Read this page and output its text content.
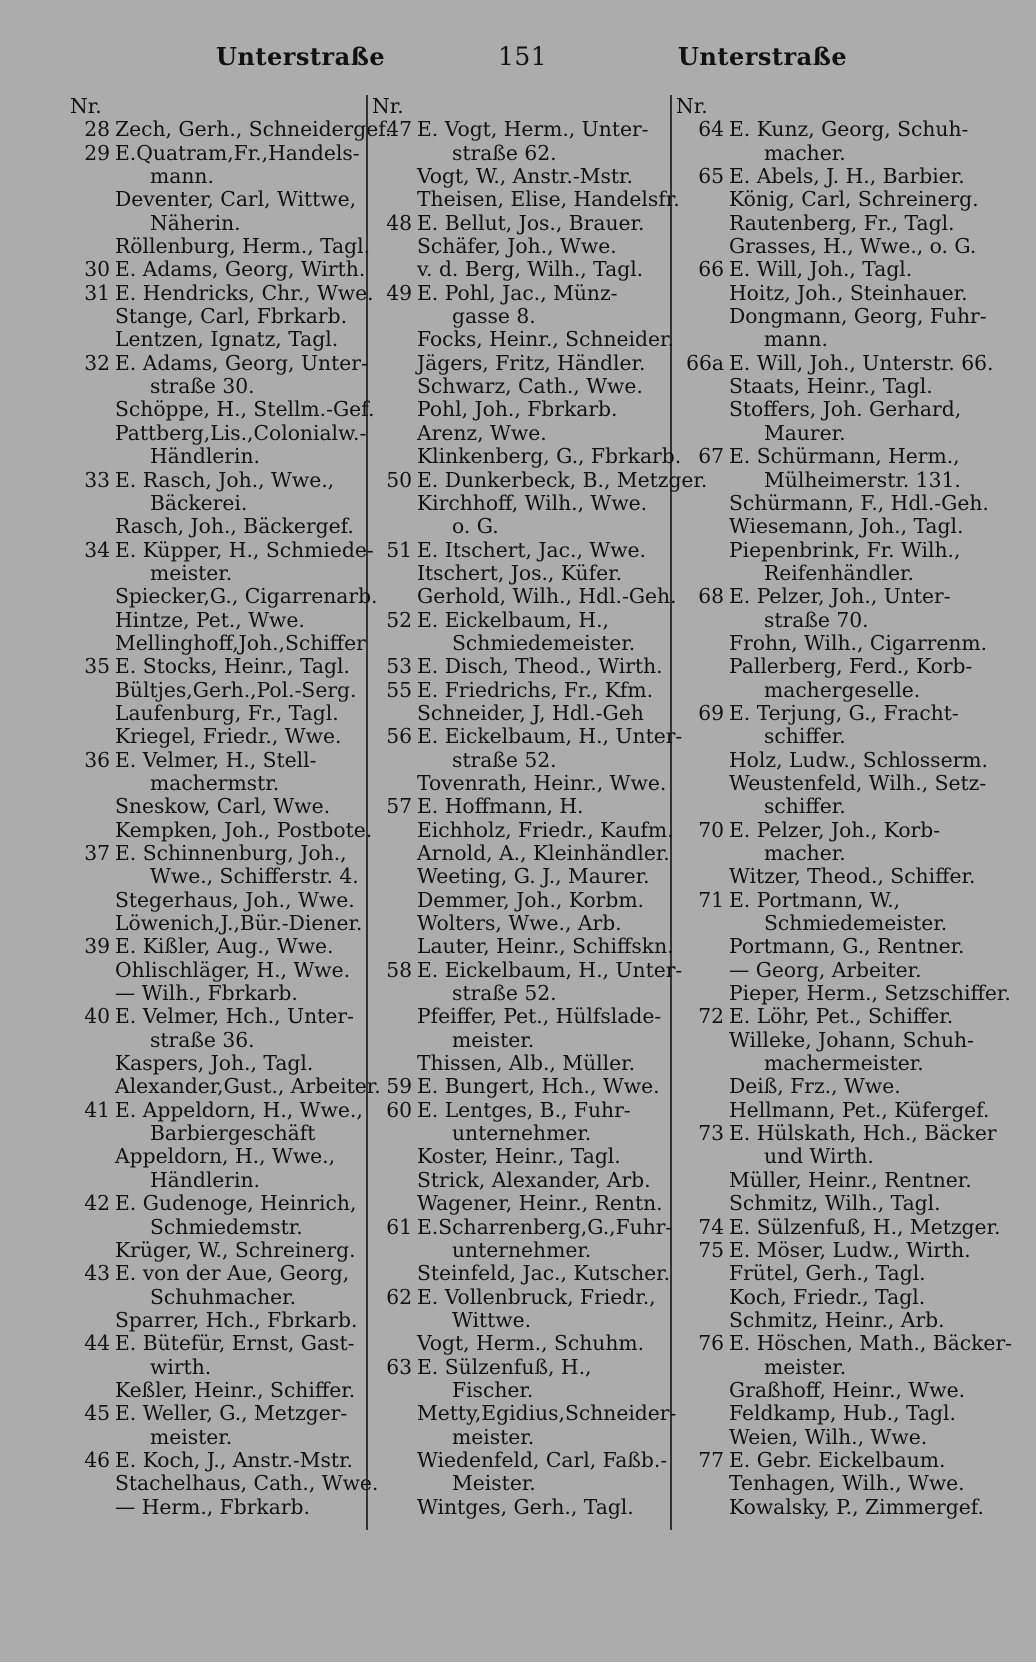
Unterstraße	151	Unterstraße
Nr.
28 Zech, Gerh., Schneidergef.
29 E.Quatram,Fr.,Handels-
mann.
Deventer, Carl, Wittwe,
Näherin.
Röllenburg, Herm., Tagl.
30 E. Adams, Georg, Wirth.
31 E. Hendricks, Chr., Wwe.
Stange, Carl, Fbrkarb.
Lentzen, Ignatz, Tagl.
32 E. Adams, Georg, Unter-
straße 30.
Schöppe, H., Stellm.-Gef.
Pattberg,Lis.,Colonialw.-
Händlerin.
33 E. Rasch, Joh., Wwe.,
Bäckerei.
Rasch, Joh., Bäckergef.
34 E. Küpper, H., Schmiede-
meister.
Spiecker,G., Cigarrenarb.
Hintze, Pet., Wwe.
Mellinghoff,Joh.,Schiffer
35 E. Stocks, Heinr., Tagl.
Bültjes,Gerh.,Pol.-Serg.
Laufenburg, Fr., Tagl.
Kriegel, Friedr., Wwe.
36 E. Velmer, H., Stell-
machermstr.
Sneskow, Carl, Wwe.
Kempken, Joh., Postbote.
37 E. Schinnenburg, Joh.,
Wwe., Schifferstr. 4.
Stegerhaus, Joh., Wwe.
Löwenich,J.,Bür.-Diener.
39 E. Kißler, Aug., Wwe.
Ohlischläger, H., Wwe.
— Wilh., Fbrkarb.
40 E. Velmer, Hch., Unter-
straße 36.
Kaspers, Joh., Tagl.
Alexander,Gust., Arbeiter.
41 E. Appeldorn, H., Wwe.,
Barbiergeschäft
Appeldorn, H., Wwe.,
Händlerin.
42 E. Gudenoge, Heinrich,
Schmiedemstr.
Krüger, W., Schreinerg.
43 E. von der Aue, Georg,
Schuhmacher.
Sparrer, Hch., Fbrkarb.
44 E. Bütefür, Ernst, Gast-
wirth.
Keßler, Heinr., Schiffer.
45 E. Weller, G., Metzger-
meister.
46 E. Koch, J., Anstr.-Mstr.
Stachelhaus, Cath., Wwe.
— Herm., Fbrkarb.
Nr.
47 E. Vogt, Herm., Unter-
straße 62.
Vogt, W., Anstr.-Mstr.
Theisen, Elise, Handelsfr.
48 E. Bellut, Jos., Brauer.
Schäfer, Joh., Wwe.
v. d. Berg, Wilh., Tagl.
49 E. Pohl, Jac., Münz-
gasse 8.
Focks, Heinr., Schneider.
Jägers, Fritz, Händler.
Schwarz, Cath., Wwe.
Pohl, Joh., Fbrkarb.
Arenz, Wwe.
Klinkenberg, G., Fbrkarb.
50 E. Dunkerbeck, B., Metzger.
Kirchhoff, Wilh., Wwe.
o. G.
51 E. Itschert, Jac., Wwe.
Itschert, Jos., Küfer.
Gerhold, Wilh., Hdl.-Geh.
52 E. Eickelbaum, H.,
Schmiedemeister.
53 E. Disch, Theod., Wirth.
55 E. Friedrichs, Fr., Kfm.
Schneider, J, Hdl.-Geh
56 E. Eickelbaum, H., Unter-
straße 52.
Tovenrath, Heinr., Wwe.
57 E. Hoffmann, H.
Eichholz, Friedr., Kaufm.
Arnold, A., Kleinhändler.
Weeting, G. J., Maurer.
Demmer, Joh., Korbm.
Wolters, Wwe., Arb.
Lauter, Heinr., Schiffskn.
58 E. Eickelbaum, H., Unter-
straße 52.
Pfeiffer, Pet., Hülfslade-
meister.
Thissen, Alb., Müller.
59 E. Bungert, Hch., Wwe.
60 E. Lentges, B., Fuhr-
unternehmer.
Koster, Heinr., Tagl.
Strick, Alexander, Arb.
Wagener, Heinr., Rentn.
61 E.Scharrenberg,G.,Fuhr-
unternehmer.
Steinfeld, Jac., Kutscher.
62 E. Vollenbruck, Friedr.,
Wittwe.
Vogt, Herm., Schuhm.
63 E. Sülzenfuß, H.,
Fischer.
Metty,Egidius,Schneider-
meister.
Wiedenfeld, Carl, Faßb.-
Meister.
Wintges, Gerh., Tagl.
Nr.
64 E. Kunz, Georg, Schuh-
macher.
65 E. Abels, J. H., Barbier.
König, Carl, Schreinerg.
Rautenberg, Fr., Tagl.
Grasses, H., Wwe., o. G.
66 E. Will, Joh., Tagl.
Hoitz, Joh., Steinhauer.
Dongmann, Georg, Fuhr-
mann.
66a E. Will, Joh., Unterstr. 66.
Staats, Heinr., Tagl.
Stoffers, Joh. Gerhard,
Maurer.
67 E. Schürmann, Herm.,
Mülheimerstr. 131.
Schürmann, F., Hdl.-Geh.
Wiesemann, Joh., Tagl.
Piepenbrink, Fr. Wilh.,
Reifenhändler.
68 E. Pelzer, Joh., Unter-
straße 70.
Frohn, Wilh., Cigarrenm.
Pallerberg, Ferd., Korb-
machergeselle.
69 E. Terjung, G., Fracht-
schiffer.
Holz, Ludw., Schlosserm.
Weustenfeld, Wilh., Setz-
schiffer.
70 E. Pelzer, Joh., Korb-
macher.
Witzer, Theod., Schiffer.
71 E. Portmann, W.,
Schmiedemeister.
Portmann, G., Rentner.
— Georg, Arbeiter.
Pieper, Herm., Setzschiffer.
72 E. Löhr, Pet., Schiffer.
Willeke, Johann, Schuh-
machermeister.
Deiß, Frz., Wwe.
Hellmann, Pet., Küfergef.
73 E. Hülskath, Hch., Bäcker
und Wirth.
Müller, Heinr., Rentner.
Schmitz, Wilh., Tagl.
74 E. Sülzenfuß, H., Metzger.
75 E. Möser, Ludw., Wirth.
Frütel, Gerh., Tagl.
Koch, Friedr., Tagl.
Schmitz, Heinr., Arb.
76 E. Höschen, Math., Bäcker-
meister.
Graßhoff, Heinr., Wwe.
Feldkamp, Hub., Tagl.
Weien, Wilh., Wwe.
77 E. Gebr. Eickelbaum.
Tenhagen, Wilh., Wwe.
Kowalsky, P., Zimmergef.
